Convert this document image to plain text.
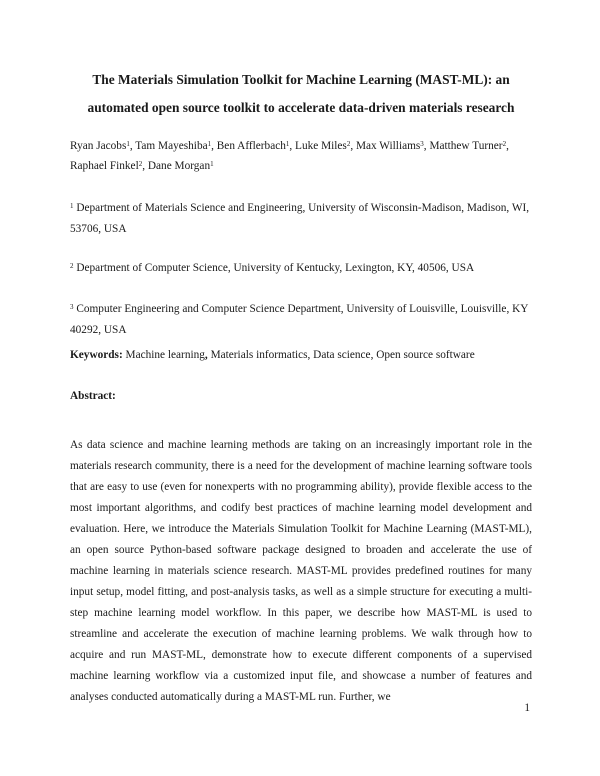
The Materials Simulation Toolkit for Machine Learning (MAST-ML): an automated open source toolkit to accelerate data-driven materials research

Ryan Jacobs$^1$, Tam Mayeshiba$^1$, Ben Afflerbach$^1$, Luke Miles$^2$, Max Williams$^3$, Matthew Turner$^2$, Raphael Finkel$^2$, Dane Morgan$^1$

$^1$ Department of Materials Science and Engineering, University of Wisconsin-Madison, Madison, WI, 53706, USA

$^2$ Department of Computer Science, University of Kentucky, Lexington, KY, 40506, USA

$^3$ Computer Engineering and Computer Science Department, University of Louisville, Louisville, KY 40292, USA

Keywords: Machine learning, Materials informatics, Data science, Open source software

Abstract:

As data science and machine learning methods are taking on an increasingly important role in the materials research community, there is a need for the development of machine learning software tools that are easy to use (even for nonexperts with no programming ability), provide flexible access to the most important algorithms, and codify best practices of machine learning model development and evaluation. Here, we introduce the Materials Simulation Toolkit for Machine Learning (MAST-ML), an open source Python-based software package designed to broaden and accelerate the use of machine learning in materials science research. MAST-ML provides predefined routines for many input setup, model fitting, and post-analysis tasks, as well as a simple structure for executing a multi-step machine learning model workflow. In this paper, we describe how MAST-ML is used to streamline and accelerate the execution of machine learning problems. We walk through how to acquire and run MAST-ML, demonstrate how to execute different components of a supervised machine learning workflow via a customized input file, and showcase a number of features and analyses conducted automatically during a MAST-ML run. Further, we

1
